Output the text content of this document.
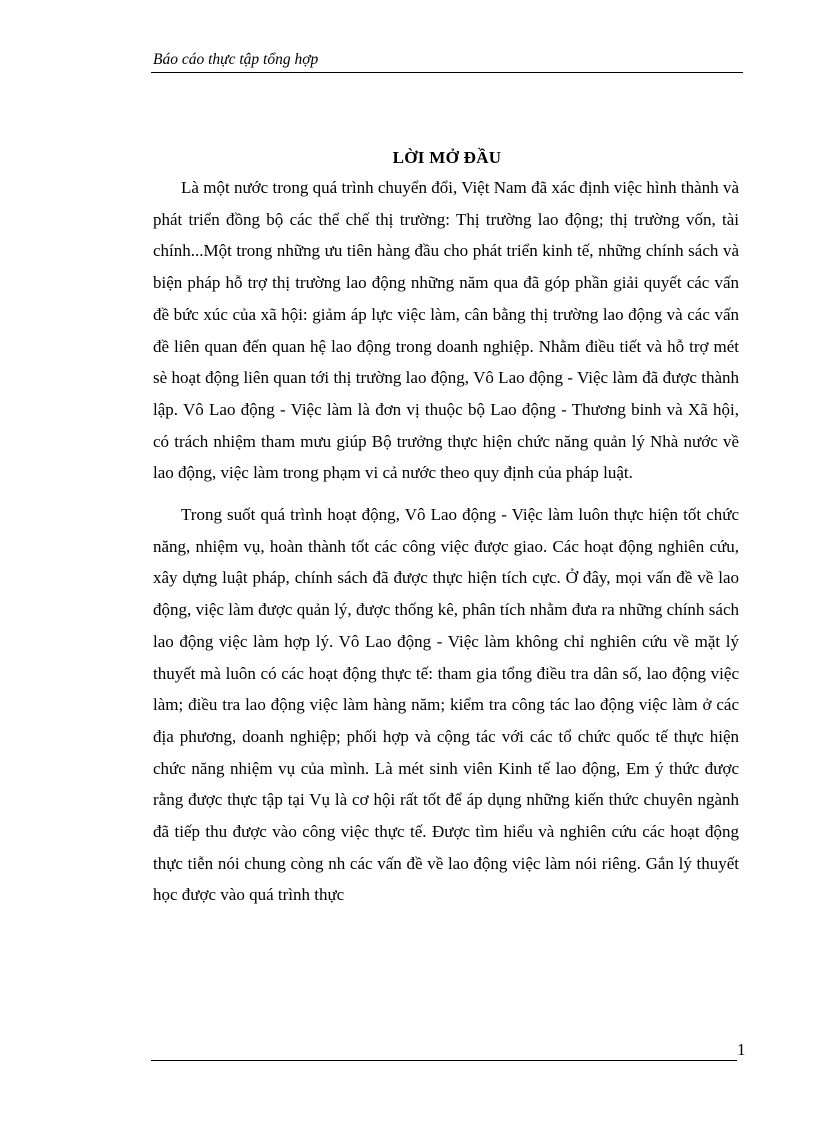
Báo cáo thực tập tổng hợp
LỜI MỞ ĐẦU

Là một nước trong quá trình chuyển đổi, Việt Nam đã xác định việc hình thành và phát triển đồng bộ các thể chế thị trường: Thị trường lao động; thị trường vốn, tài chính...Một trong những ưu tiên hàng đầu cho phát triển kinh tế, những chính sách và biện pháp hỗ trợ thị trường lao động những năm qua đã góp phần giải quyết các vấn đề bức xúc của xã hội: giảm áp lực việc làm, cân bằng thị trường lao động và các vấn đề liên quan đến quan hệ lao động trong doanh nghiệp. Nhằm điều tiết và hỗ trợ mét sè hoạt động liên quan tới thị trường lao động, Vô Lao động - Việc làm đã được thành lập. Vô Lao động - Việc làm là đơn vị thuộc bộ Lao động - Thương binh và Xã hội, có trách nhiệm tham mưu giúp Bộ trưởng thực hiện chức năng quản lý Nhà nước về lao động, việc làm trong phạm vi cả nước theo quy định của pháp luật.

Trong suốt quá trình hoạt động, Vô Lao động - Việc làm luôn thực hiện tốt chức năng, nhiệm vụ, hoàn thành tốt các công việc được giao. Các hoạt động nghiên cứu, xây dựng luật pháp, chính sách đã được thực hiện tích cực. Ở đây, mọi vấn đề về lao động, việc làm được quản lý, được thống kê, phân tích nhằm đưa ra những chính sách lao động việc làm hợp lý. Vô Lao động - Việc làm không chỉ nghiên cứu về mặt lý thuyết mà luôn có các hoạt động thực tế: tham gia tổng điều tra dân số, lao động việc làm; điều tra lao động việc làm hàng năm; kiểm tra công tác lao động việc làm ở các địa phương, doanh nghiệp; phối hợp và cộng tác với các tổ chức quốc tế thực hiện chức năng nhiệm vụ của mình. Là mét sinh viên Kinh tế lao động, Em ý thức được rằng được thực tập tại Vụ là cơ hội rất tốt để áp dụng những kiến thức chuyên ngành đã tiếp thu được vào công việc thực tế. Được tìm hiểu và nghiên cứu các hoạt động thực tiễn nói chung còng nh các vấn đề về lao động việc làm nói riêng. Gắn lý thuyết học được vào quá trình thực

1
